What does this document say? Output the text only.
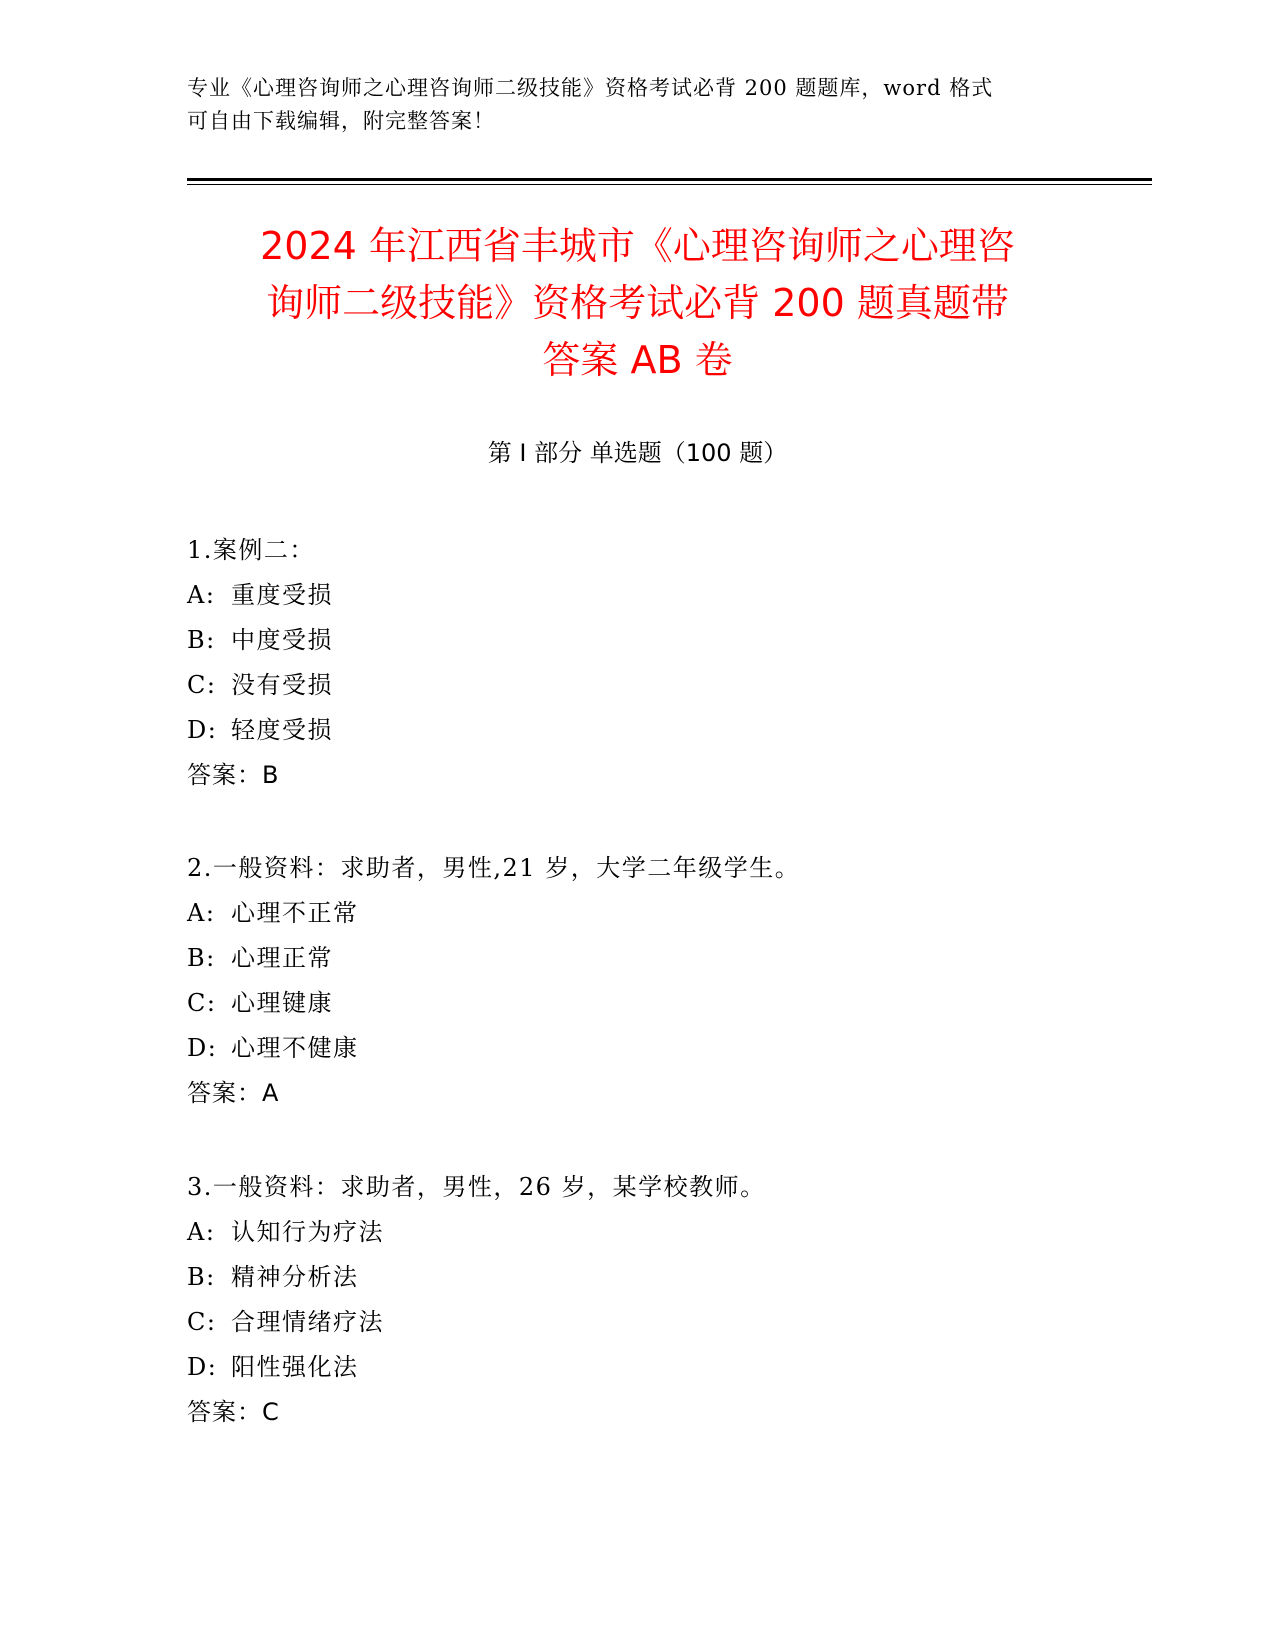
专业《心理咨询师之心理咨询师二级技能》资格考试必背 200 题题库，word 格式
可自由下载编辑，附完整答案！
2024 年江西省丰城市《心理咨询师之心理咨
询师二级技能》资格考试必背 200 题真题带
答案 AB 卷
第 I 部分 单选题（100 题）
1.案例二：
A: 重度受损
B: 中度受损
C: 没有受损
D: 轻度受损
答案：B
2.一般资料：求助者，男性,21 岁，大学二年级学生。
A: 心理不正常
B: 心理正常
C: 心理键康
D: 心理不健康
答案：A
3.一般资料：求助者，男性，26 岁，某学校教师。
A: 认知行为疗法
B: 精神分析法
C: 合理情绪疗法
D: 阳性强化法
答案：C
